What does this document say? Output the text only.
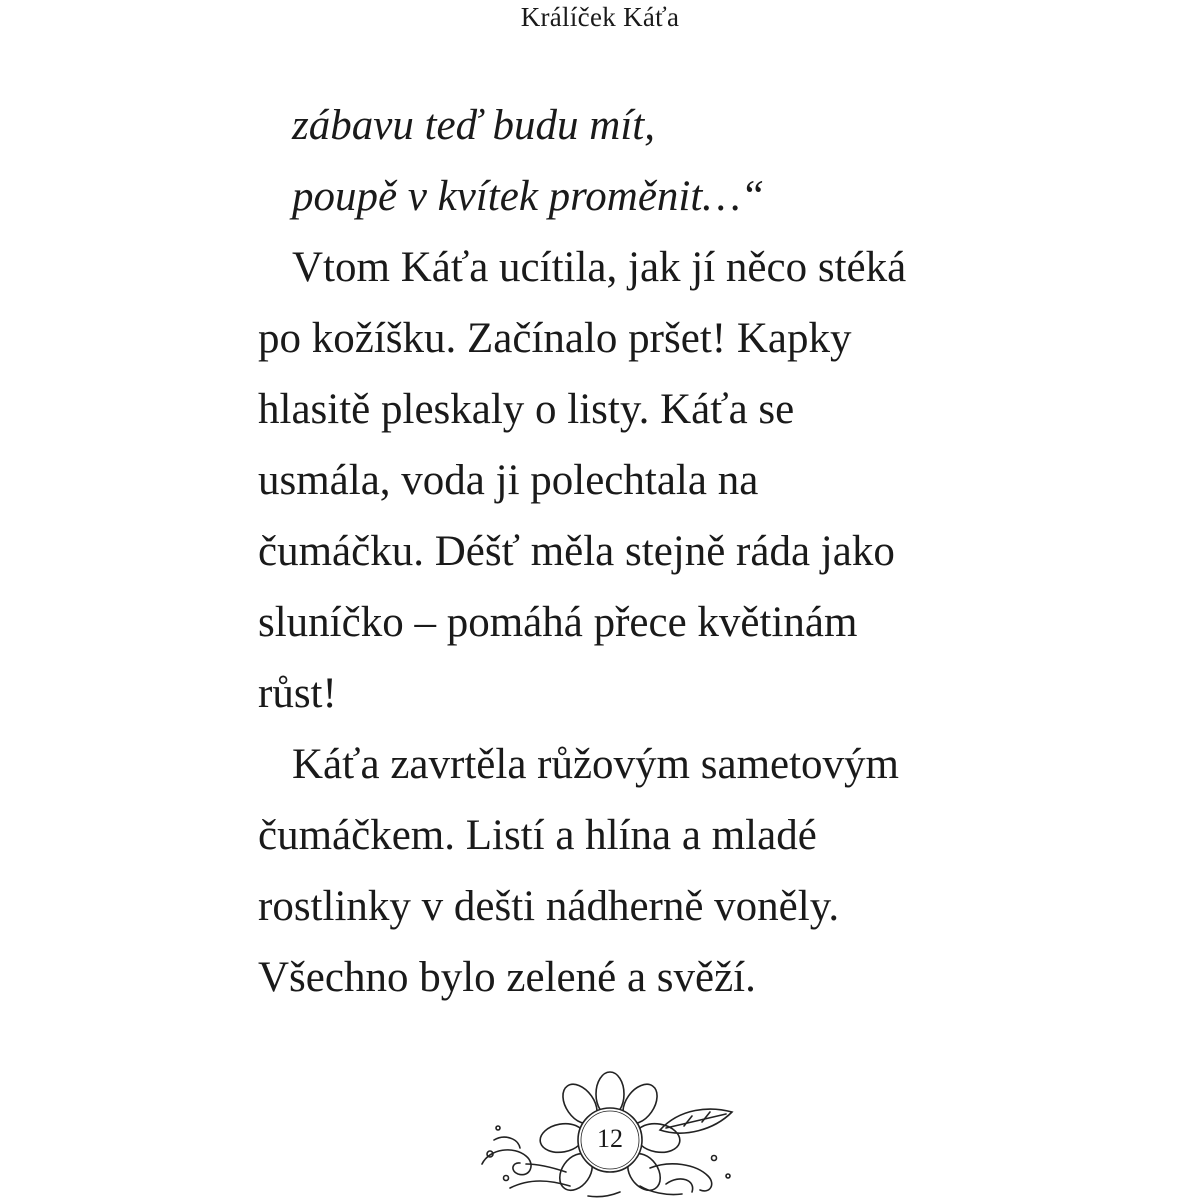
Králíček Káťa
zábavu teď budu mít,
poupě v kvítek proměnit…“
Vtom Káťa ucítila, jak jí něco stéká
po kožíšku. Začínalo pršet! Kapky
hlasitě pleskaly o listy. Káťa se
usmála, voda ji polechtala na
čumáčku. Déšť měla stejně ráda jako
sluníčko – pomáhá přece květinám
růst!
Káťa zavrtěla růžovým sametovým
čumáčkem. Listí a hlína a mladé
rostlinky v dešti nádherně voněly.
Všechno bylo zelené a svěží.
12
